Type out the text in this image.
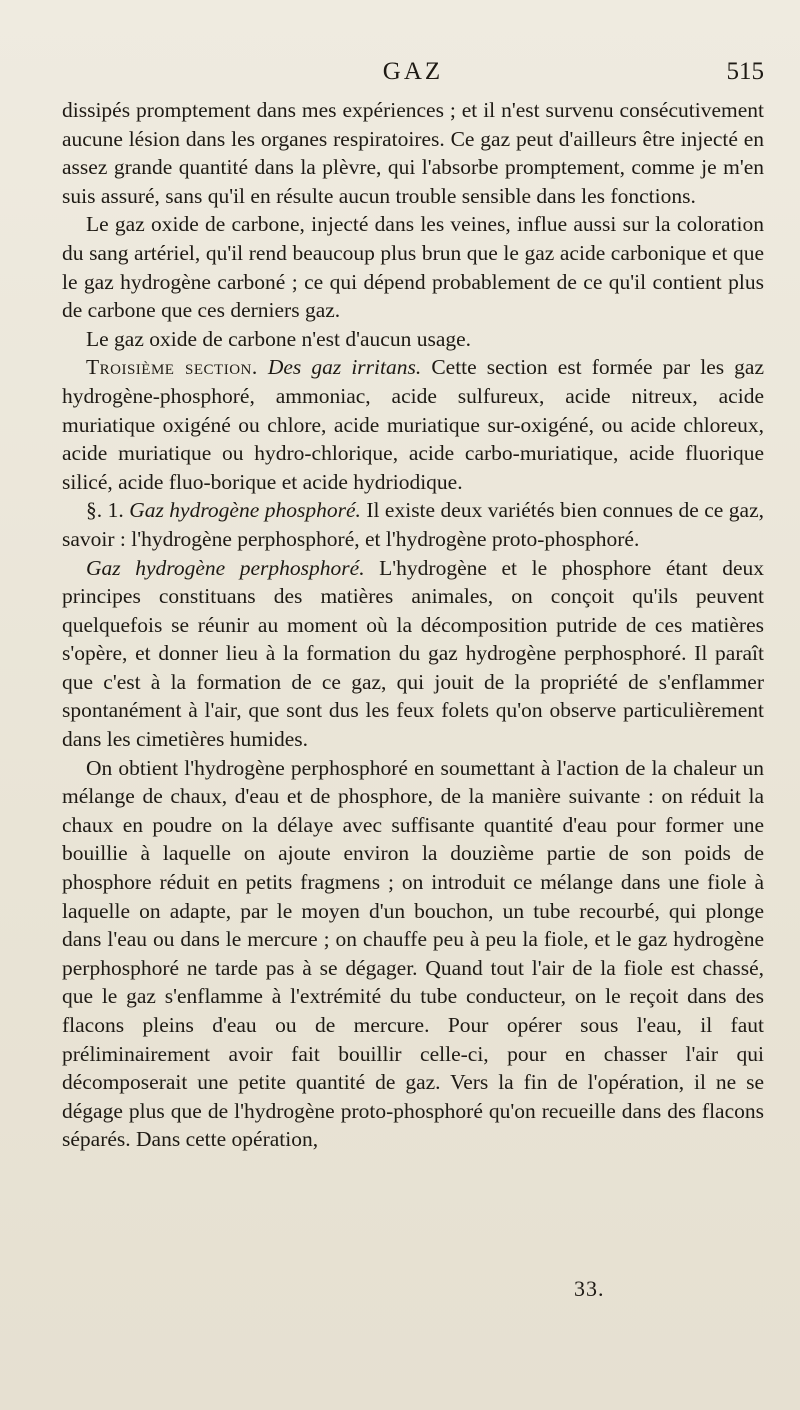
GAZ	515

dissipés promptement dans mes expériences ; et il n'est survenu consécutivement aucune lésion dans les organes respiratoires. Ce gaz peut d'ailleurs être injecté en assez grande quantité dans la plèvre, qui l'absorbe promptement, comme je m'en suis assuré, sans qu'il en résulte aucun trouble sensible dans les fonctions.

Le gaz oxide de carbone, injecté dans les veines, influe aussi sur la coloration du sang artériel, qu'il rend beaucoup plus brun que le gaz acide carbonique et que le gaz hydrogène carboné ; ce qui dépend probablement de ce qu'il contient plus de carbone que ces derniers gaz.

Le gaz oxide de carbone n'est d'aucun usage.

Troisième section. Des gaz irritans. Cette section est formée par les gaz hydrogène-phosphoré, ammoniac, acide sulfureux, acide nitreux, acide muriatique oxigéné ou chlore, acide muriatique sur-oxigéné, ou acide chloreux, acide muriatique ou hydro-chlorique, acide carbo-muriatique, acide fluorique silicé, acide fluo-borique et acide hydriodique.

§. 1. Gaz hydrogène phosphoré. Il existe deux variétés bien connues de ce gaz, savoir : l'hydrogène perphosphoré, et l'hydrogène proto-phosphoré.

Gaz hydrogène perphosphoré. L'hydrogène et le phosphore étant deux principes constituans des matières animales, on conçoit qu'ils peuvent quelquefois se réunir au moment où la décomposition putride de ces matières s'opère, et donner lieu à la formation du gaz hydrogène perphosphoré. Il paraît que c'est à la formation de ce gaz, qui jouit de la propriété de s'enflammer spontanément à l'air, que sont dus les feux folets qu'on observe particulièrement dans les cimetières humides.

On obtient l'hydrogène perphosphoré en soumettant à l'action de la chaleur un mélange de chaux, d'eau et de phosphore, de la manière suivante : on réduit la chaux en poudre on la délaye avec suffisante quantité d'eau pour former une bouillie à laquelle on ajoute environ la douzième partie de son poids de phosphore réduit en petits fragmens ; on introduit ce mélange dans une fiole à laquelle on adapte, par le moyen d'un bouchon, un tube recourbé, qui plonge dans l'eau ou dans le mercure ; on chauffe peu à peu la fiole, et le gaz hydrogène perphosphoré ne tarde pas à se dégager. Quand tout l'air de la fiole est chassé, que le gaz s'enflamme à l'extrémité du tube conducteur, on le reçoit dans des flacons pleins d'eau ou de mercure. Pour opérer sous l'eau, il faut préliminairement avoir fait bouillir celle-ci, pour en chasser l'air qui décomposerait une petite quantité de gaz. Vers la fin de l'opération, il ne se dégage plus que de l'hydrogène proto-phosphoré qu'on recueille dans des flacons séparés. Dans cette opération,

33.
